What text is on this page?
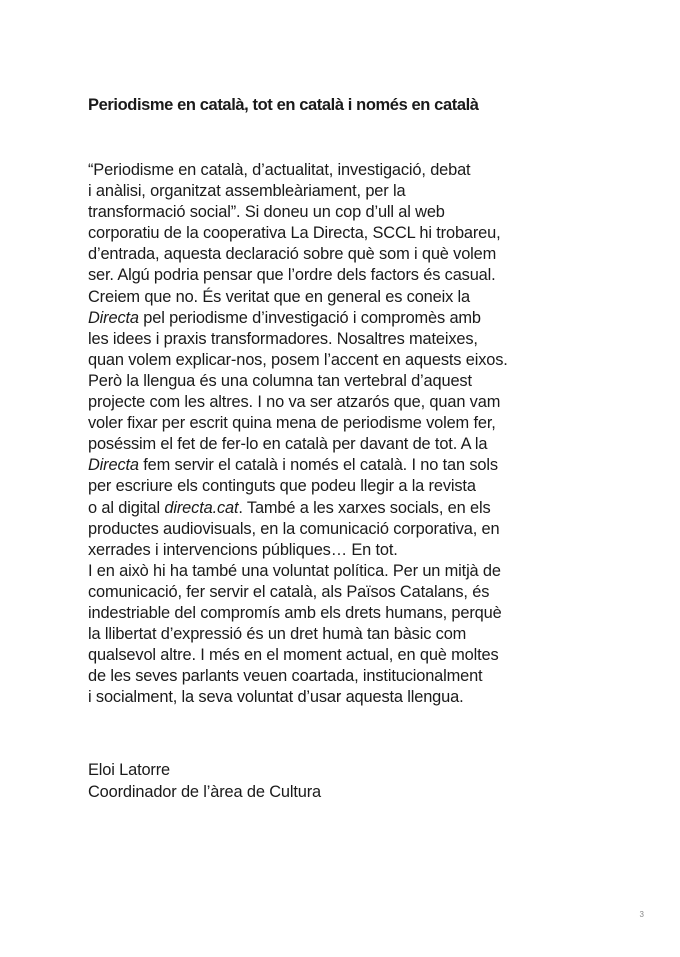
Periodisme en català, tot en català i només en català
“Periodisme en català, d’actualitat, investigació, debat
i anàlisi, organitzat assembleàriament, per la
transformació social”. Si doneu un cop d’ull al web
corporatiu de la cooperativa La Directa, SCCL hi trobareu,
d’entrada, aquesta declaració sobre què som i què volem
ser. Algú podria pensar que l’ordre dels factors és casual.
Creiem que no. És veritat que en general es coneix la
Directa pel periodisme d’investigació i compromès amb
les idees i praxis transformadores. Nosaltres mateixes,
quan volem explicar-nos, posem l’accent en aquests eixos.
Però la llengua és una columna tan vertebral d’aquest
projecte com les altres. I no va ser atzarós que, quan vam
voler fixar per escrit quina mena de periodisme volem fer,
poséssim el fet de fer-lo en català per davant de tot. A la
Directa fem servir el català i només el català. I no tan sols
per escriure els continguts que podeu llegir a la revista
o al digital directa.cat. També a les xarxes socials, en els
productes audiovisuals, en la comunicació corporativa, en
xerrades i intervencions públiques… En tot.
I en això hi ha també una voluntat política. Per un mitjà de
comunicació, fer servir el català, als Països Catalans, és
indestriable del compromís amb els drets humans, perquè
la llibertat d’expressió és un dret humà tan bàsic com
qualsevol altre. I més en el moment actual, en què moltes
de les seves parlants veuen coartada, institucionalment
i socialment, la seva voluntat d’usar aquesta llengua.
Eloi Latorre
Coordinador de l’àrea de Cultura
3
